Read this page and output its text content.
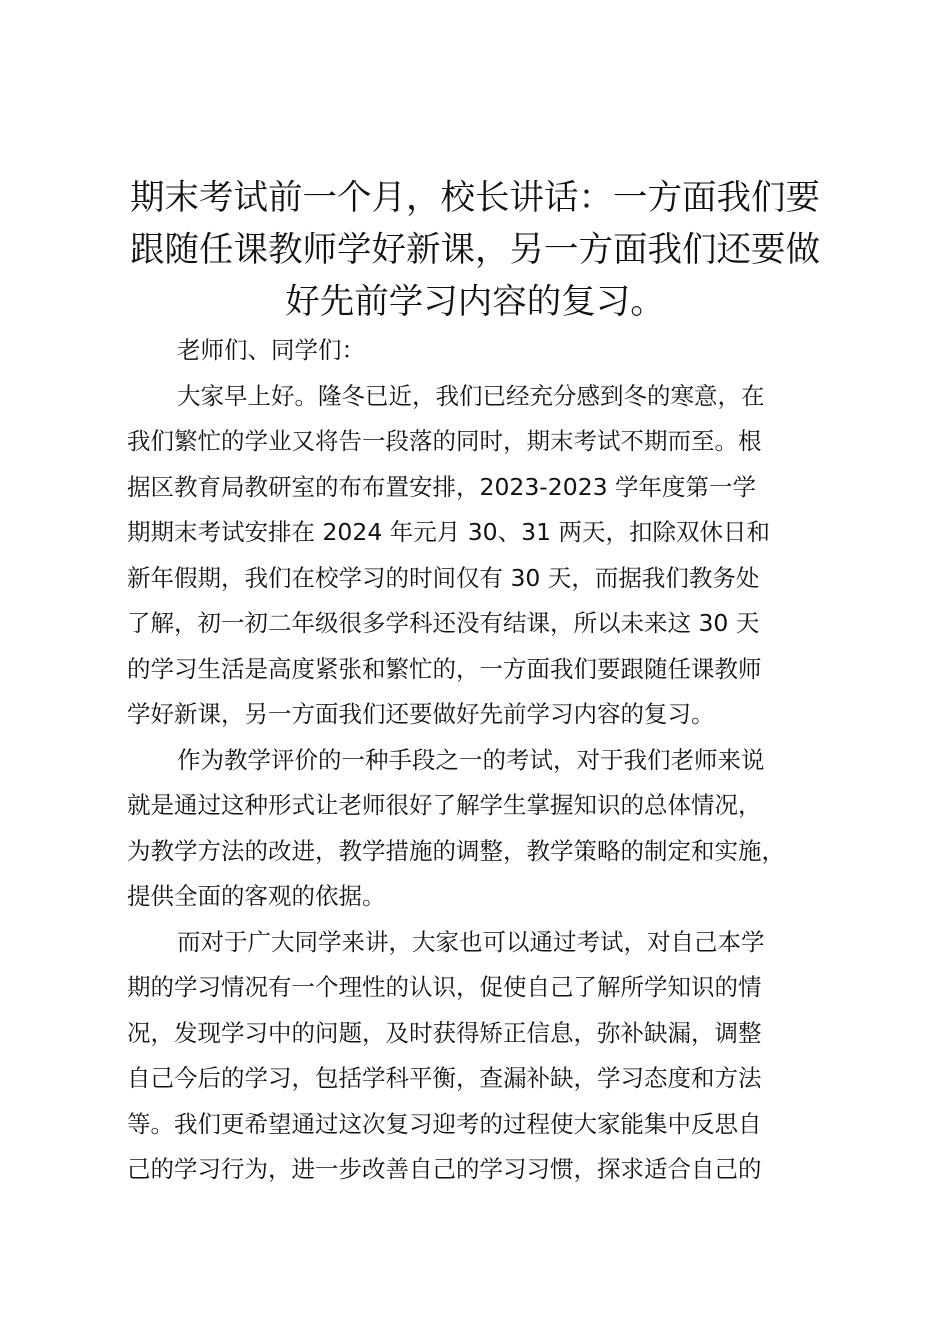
期末考试前一个月，校长讲话：一方面我们要
跟随任课教师学好新课，另一方面我们还要做
好先前学习内容的复习。

老师们、同学们：

大家早上好。隆冬已近，我们已经充分感到冬的寒意，在
我们繁忙的学业又将告一段落的同时，期末考试不期而至。根
据区教育局教研室的布布置安排，2023-2023 学年度第一学
期期末考试安排在 2024 年元月 30、31 两天，扣除双休日和
新年假期，我们在校学习的时间仅有 30 天，而据我们教务处
了解，初一初二年级很多学科还没有结课，所以未来这 30 天
的学习生活是高度紧张和繁忙的，一方面我们要跟随任课教师
学好新课，另一方面我们还要做好先前学习内容的复习。

作为教学评价的一种手段之一的考试，对于我们老师来说
就是通过这种形式让老师很好了解学生掌握知识的总体情况，
为教学方法的改进，教学措施的调整，教学策略的制定和实施，
提供全面的客观的依据。

而对于广大同学来讲，大家也可以通过考试，对自己本学
期的学习情况有一个理性的认识，促使自己了解所学知识的情
况，发现学习中的问题，及时获得矫正信息，弥补缺漏，调整
自己今后的学习，包括学科平衡，查漏补缺，学习态度和方法
等。我们更希望通过这次复习迎考的过程使大家能集中反思自
己的学习行为，进一步改善自己的学习习惯，探求适合自己的
